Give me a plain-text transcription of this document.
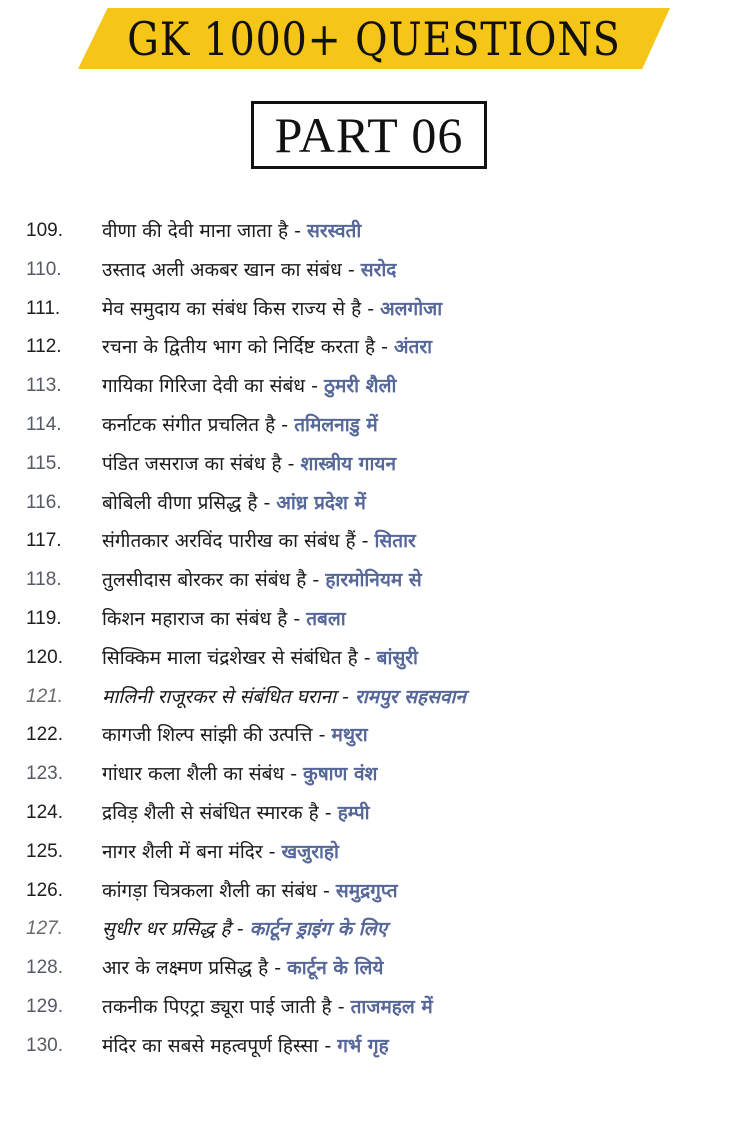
GK 1000+ QUESTIONS
PART 06
109. वीणा की देवी माना जाता है - सरस्वती
110. उस्ताद अली अकबर खान का संबंध - सरोद
111. मेव समुदाय का संबंध किस राज्य से है - अलगोजा
112. रचना के द्वितीय भाग को निर्दिष्ट करता है - अंतरा
113. गायिका गिरिजा देवी का संबंध - ठुमरी शैली
114. कर्नाटक संगीत प्रचलित है - तमिलनाडु में
115. पंडित जसराज का संबंध है - शास्त्रीय गायन
116. बोबिली वीणा प्रसिद्ध है - आंध्र प्रदेश में
117. संगीतकार अरविंद पारीख का संबंध हैं - सितार
118. तुलसीदास बोरकर का संबंध है - हारमोनियम से
119. किशन महाराज का संबंध है - तबला
120. सिक्किम माला चंद्रशेखर से संबंधित है - बांसुरी
121. मालिनी राजूरकर से संबंधित घराना - रामपुर सहसवान
122. कागजी शिल्प सांझी की उत्पत्ति - मथुरा
123. गांधार कला शैली का संबंध - कुषाण वंश
124. द्रविड़ शैली से संबंधित स्मारक है - हम्पी
125. नागर शैली में बना मंदिर - खजुराहो
126. कांगड़ा चित्रकला शैली का संबंध - समुद्रगुप्त
127. सुधीर धर प्रसिद्ध है - कार्टून ड्राइंग के लिए
128. आर के लक्ष्मण प्रसिद्ध है - कार्टून के लिये
129. तकनीक पिएट्रा ड्यूरा पाई जाती है - ताजमहल में
130. मंदिर का सबसे महत्वपूर्ण हिस्सा - गर्भ गृह
